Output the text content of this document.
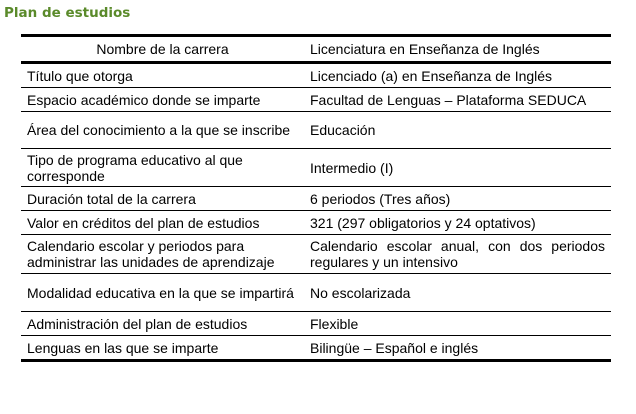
Plan de estudios
Nombre de la carrera	Licenciatura en Enseñanza de Inglés
Título que otorga	Licenciado (a) en Enseñanza de Inglés
Espacio académico donde se imparte	Facultad de Lenguas – Plataforma SEDUCA
Área del conocimiento a la que se inscribe	Educación
Tipo de programa educativo al que corresponde	Intermedio (I)
Duración total de la carrera	6 periodos (Tres años)
Valor en créditos del plan de estudios	321 (297 obligatorios y 24 optativos)
Calendario escolar y periodos para administrar las unidades de aprendizaje	Calendario escolar anual, con dos periodos regulares y un intensivo
Modalidad educativa en la que se impartirá	No escolarizada
Administración del plan de estudios	Flexible
Lenguas en las que se imparte	Bilingüe – Español e inglés
